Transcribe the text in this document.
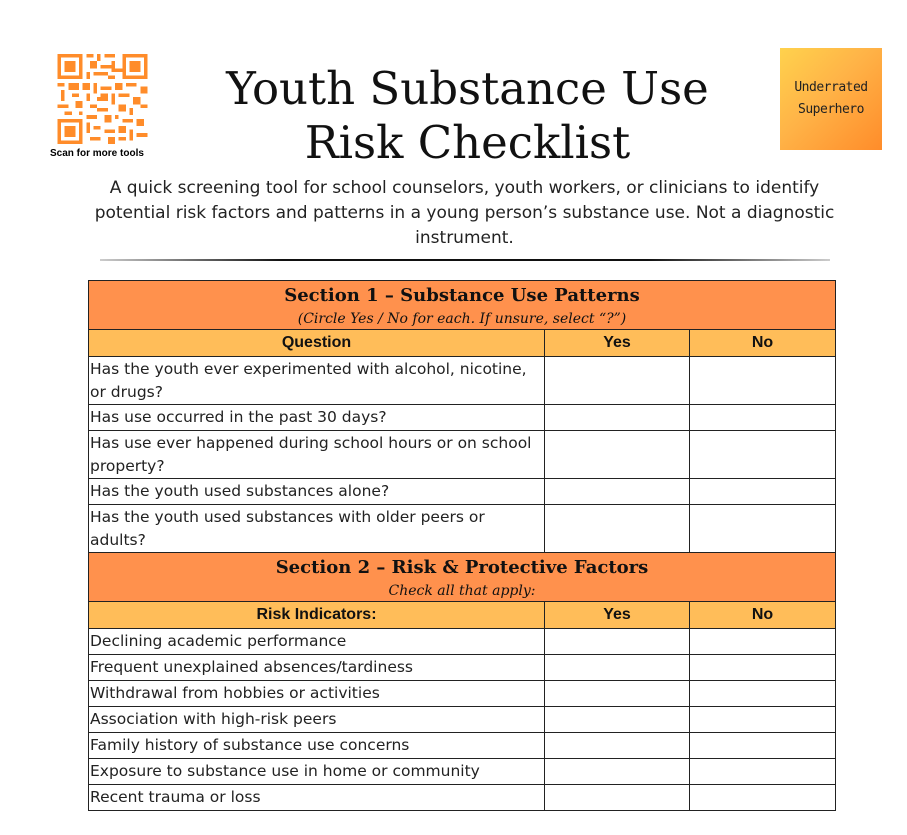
Scan for more tools
Underrated
Superhero
Youth Substance Use
Risk Checklist

A quick screening tool for school counselors, youth workers, or clinicians to identify potential risk factors and patterns in a young person’s substance use. Not a diagnostic instrument.

Section 1 – Substance Use Patterns
(Circle Yes / No for each. If unsure, select “?”)		

Question	Yes	No
Has the youth ever experimented with alcohol, nicotine, or drugs?		
Has use occurred in the past 30 days?		
Has use ever happened during school hours or on school property?		
Has the youth used substances alone?		
Has the youth used substances with older peers or adults?		

Section 2 – Risk & Protective Factors
Check all that apply:		

Risk Indicators:	Yes	No
Declining academic performance		
Frequent unexplained absences/tardiness		
Withdrawal from hobbies or activities		
Association with high-risk peers		
Family history of substance use concerns		
Exposure to substance use in home or community		
Recent trauma or loss		
